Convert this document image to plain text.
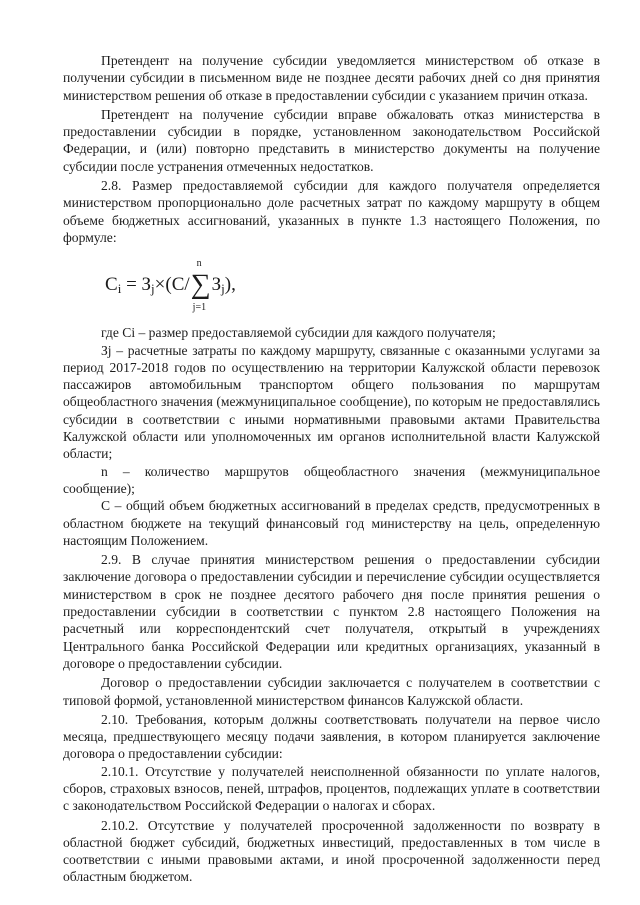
Претендент на получение субсидии уведомляется министерством об отказе в получении субсидии в письменном виде не позднее десяти рабочих дней со дня принятия министерством решения об отказе в предоставлении субсидии с указанием причин отказа.

Претендент на получение субсидии вправе обжаловать отказ министерства в предоставлении субсидии в порядке, установленном законодательством Российской Федерации, и (или) повторно представить в министерство документы на получение субсидии после устранения отмеченных недостатков.

2.8. Размер предоставляемой субсидии для каждого получателя определяется министерством пропорционально доле расчетных затрат по каждому маршруту в общем объеме бюджетных ассигнований, указанных в пункте 1.3 настоящего Положения, по формуле:

Ci = Зj×(С/∑
n
j=1
Зj),

где Сi – размер предоставляемой субсидии для каждого получателя;

Зj – расчетные затраты по каждому маршруту, связанные с оказанными услугами за период 2017-2018 годов по осуществлению на территории Калужской области перевозок пассажиров автомобильным транспортом общего пользования по маршрутам общеобластного значения (межмуниципальное сообщение), по которым не предоставлялись субсидии в соответствии с иными нормативными правовыми актами Правительства Калужской области или уполномоченных им органов исполнительной власти Калужской области;

n – количество маршрутов общеобластного значения (межмуниципальное сообщение);

С – общий объем бюджетных ассигнований в пределах средств, предусмотренных в областном бюджете на текущий финансовый год министерству на цель, определенную настоящим Положением.

2.9. В случае принятия министерством решения о предоставлении субсидии заключение договора о предоставлении субсидии и перечисление субсидии осуществляется министерством в срок не позднее десятого рабочего дня после принятия решения о предоставлении субсидии в соответствии с пунктом 2.8 настоящего Положения на расчетный или корреспондентский счет получателя, открытый в учреждениях Центрального банка Российской Федерации или кредитных организациях, указанный в договоре о предоставлении субсидии.

Договор о предоставлении субсидии заключается с получателем в соответствии с типовой формой, установленной министерством финансов Калужской области.

2.10. Требования, которым должны соответствовать получатели на первое число месяца, предшествующего месяцу подачи заявления, в котором планируется заключение договора о предоставлении субсидии:

2.10.1. Отсутствие у получателей неисполненной обязанности по уплате налогов, сборов, страховых взносов, пеней, штрафов, процентов, подлежащих уплате в соответствии с законодательством Российской Федерации о налогах и сборах.

2.10.2. Отсутствие у получателей просроченной задолженности по возврату в областной бюджет субсидий, бюджетных инвестиций, предоставленных в том числе в соответствии с иными правовыми актами, и иной просроченной задолженности перед областным бюджетом.
